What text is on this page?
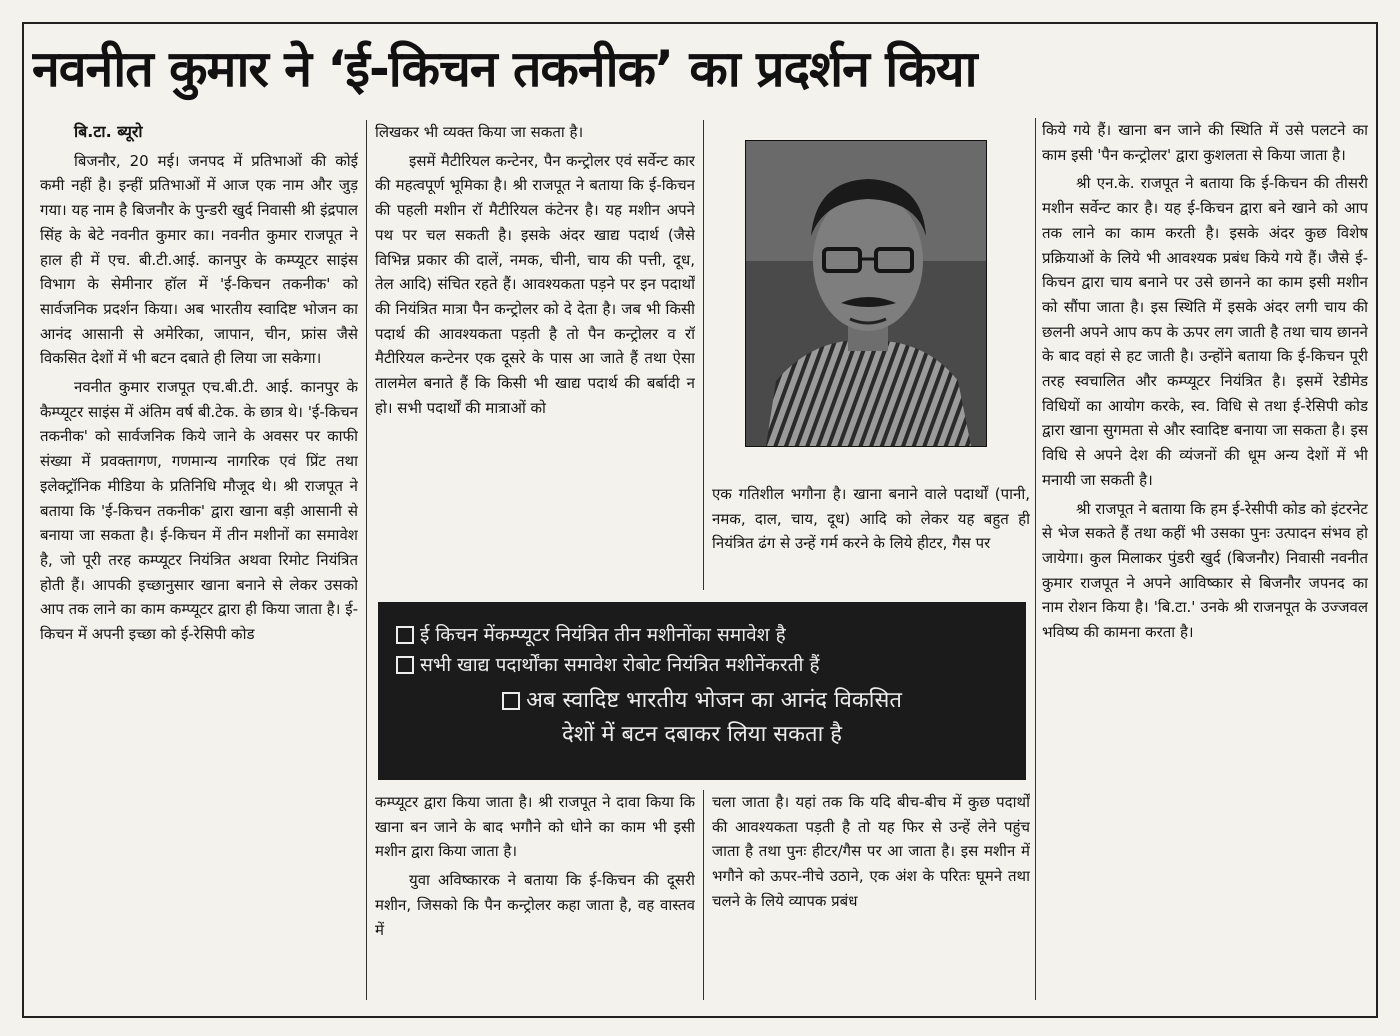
नवनीत कुमार ने ‘ई-किचन तकनीक’ का प्रदर्शन किया

बि.टा. ब्यूरो

बिजनौर, 20 मई। जनपद में प्रतिभाओं की कोई कमी नहीं है। इन्हीं प्रतिभाओं में आज एक नाम और जुड़ गया। यह नाम है बिजनौर के पुन्डरी खुर्द निवासी श्री इंद्रपाल सिंह के बेटे नवनीत कुमार का। नवनीत कुमार राजपूत ने हाल ही में एच. बी.टी.आई. कानपुर के कम्प्यूटर साइंस विभाग के सेमीनार हॉल में 'ई-किचन तकनीक' को सार्वजनिक प्रदर्शन किया। अब भारतीय स्वादिष्ट भोजन का आनंद आसानी से अमेरिका, जापान, चीन, फ्रांस जैसे विकसित देशों में भी बटन दबाते ही लिया जा सकेगा।

नवनीत कुमार राजपूत एच.बी.टी. आई. कानपुर के कैम्प्यूटर साइंस में अंतिम वर्ष बी.टेक. के छात्र थे। 'ई-किचन तकनीक' को सार्वजनिक किये जाने के अवसर पर काफी संख्या में प्रवक्तागण, गणमान्य नागरिक एवं प्रिंट तथा इलेक्ट्रॉनिक मीडिया के प्रतिनिधि मौजूद थे। श्री राजपूत ने बताया कि 'ई-किचन तकनीक' द्वारा खाना बड़ी आसानी से बनाया जा सकता है। ई-किचन में तीन मशीनों का समावेश है, जो पूरी तरह कम्प्यूटर नियंत्रित अथवा रिमोट नियंत्रित होती हैं। आपकी इच्छानुसार खाना बनाने से लेकर उसको आप तक लाने का काम कम्प्यूटर द्वारा ही किया जाता है। ई-किचन में अपनी इच्छा को ई-रेसिपी कोड

लिखकर भी व्यक्त किया जा सकता है।

इसमें मैटीरियल कन्टेनर, पैन कन्ट्रोलर एवं सर्वेन्ट कार की महत्वपूर्ण भूमिका है। श्री राजपूत ने बताया कि ई-किचन की पहली मशीन रॉ मैटीरियल कंटेनर है। यह मशीन अपने पथ पर चल सकती है। इसके अंदर खाद्य पदार्थ (जैसे विभिन्न प्रकार की दालें, नमक, चीनी, चाय की पत्ती, दूध, तेल आदि) संचित रहते हैं। आवश्यकता पड़ने पर इन पदार्थों की नियंत्रित मात्रा पैन कन्ट्रोलर को दे देता है। जब भी किसी पदार्थ की आवश्यकता पड़ती है तो पैन कन्ट्रोलर व रॉ मैटीरियल कन्टेनर एक दूसरे के पास आ जाते हैं तथा ऐसा तालमेल बनाते हैं कि किसी भी खाद्य पदार्थ की बर्बादी न हो। सभी पदार्थों की मात्राओं को

एक गतिशील भगौना है। खाना बनाने वाले पदार्थों (पानी, नमक, दाल, चाय, दूध) आदि को लेकर यह बहुत ही नियंत्रित ढंग से उन्हें गर्म करने के लिये हीटर, गैस पर

ई किचन मेंकम्प्यूटर नियंत्रित तीन मशीनोंका समावेश है
सभी खाद्य पदार्थोंका समावेश रोबोट नियंत्रित मशीनेंकरती हैं
अब स्वादिष्ट भारतीय भोजन का आनंद विकसित
देशों में बटन दबाकर लिया सकता है

कम्प्यूटर द्वारा किया जाता है। श्री राजपूत ने दावा किया कि खाना बन जाने के बाद भगौने को धोने का काम भी इसी मशीन द्वारा किया जाता है।

युवा अविष्कारक ने बताया कि ई-किचन की दूसरी मशीन, जिसको कि पैन कन्ट्रोलर कहा जाता है, वह वास्तव में

चला जाता है। यहां तक कि यदि बीच-बीच में कुछ पदार्थों की आवश्यकता पड़ती है तो यह फिर से उन्हें लेने पहुंच जाता है तथा पुनः हीटर/गैस पर आ जाता है। इस मशीन में भगौने को ऊपर-नीचे उठाने, एक अंश के परितः घूमने तथा चलने के लिये व्यापक प्रबंध

किये गये हैं। खाना बन जाने की स्थिति में उसे पलटने का काम इसी 'पैन कन्ट्रोलर' द्वारा कुशलता से किया जाता है।

श्री एन.के. राजपूत ने बताया कि ई-किचन की तीसरी मशीन सर्वेन्ट कार है। यह ई-किचन द्वारा बने खाने को आप तक लाने का काम करती है। इसके अंदर कुछ विशेष प्रक्रियाओं के लिये भी आवश्यक प्रबंध किये गये हैं। जैसे ई-किचन द्वारा चाय बनाने पर उसे छानने का काम इसी मशीन को सौंपा जाता है। इस स्थिति में इसके अंदर लगी चाय की छलनी अपने आप कप के ऊपर लग जाती है तथा चाय छानने के बाद वहां से हट जाती है। उन्होंने बताया कि ई-किचन पूरी तरह स्वचालित और कम्प्यूटर नियंत्रित है। इसमें रेडीमेड विधियों का आयोग करके, स्व. विधि से तथा ई-रेसिपी कोड द्वारा खाना सुगमता से और स्वादिष्ट बनाया जा सकता है। इस विधि से अपने देश की व्यंजनों की धूम अन्य देशों में भी मनायी जा सकती है।

श्री राजपूत ने बताया कि हम ई-रेसीपी कोड को इंटरनेट से भेज सकते हैं तथा कहीं भी उसका पुनः उत्पादन संभव हो जायेगा। कुल मिलाकर पुंडरी खुर्द (बिजनौर) निवासी नवनीत कुमार राजपूत ने अपने आविष्कार से बिजनौर जपनद का नाम रोशन किया है। 'बि.टा.' उनके श्री राजनपूत के उज्जवल भविष्य की कामना करता है।
